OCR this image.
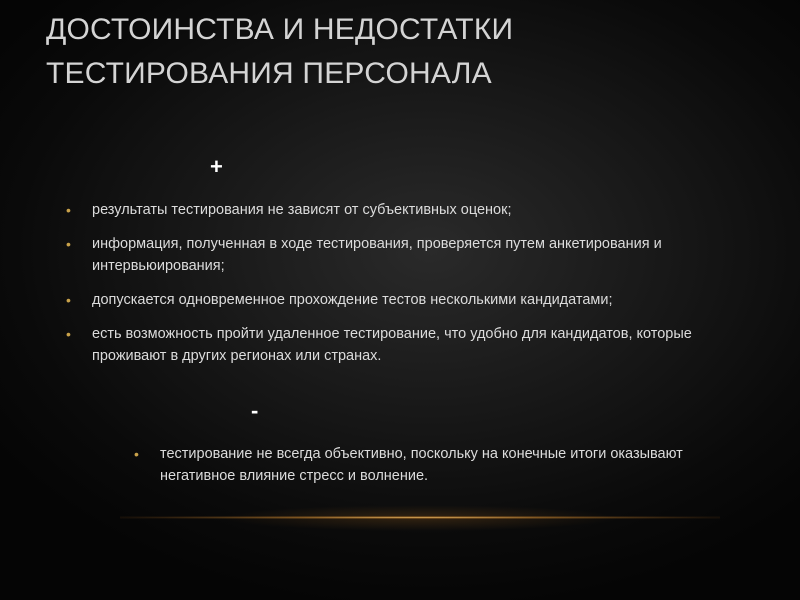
ДОСТОИНСТВА И НЕДОСТАТКИ
ТЕСТИРОВАНИЯ ПЕРСОНАЛА
+
• результаты тестирования не зависят от субъективных оценок;
• информация, полученная в ходе тестирования, проверяется путем анкетирования и интервьюирования;
• допускается одновременное прохождение тестов несколькими кандидатами;
• есть возможность пройти удаленное тестирование, что удобно для кандидатов, которые проживают в других регионах или странах.
-
• тестирование не всегда объективно, поскольку на конечные итоги оказывают негативное влияние стресс и волнение.
